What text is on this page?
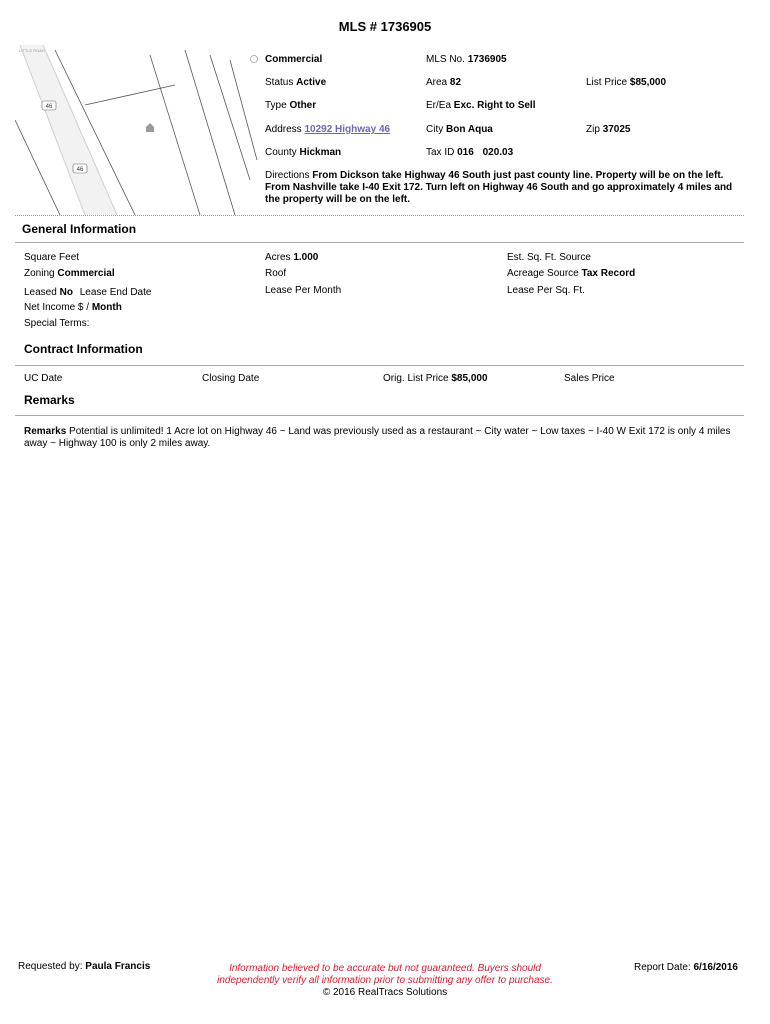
MLS # 1736905
LITTLE ROAD
46
46
Commercial	MLS No. 1736905
Status Active	Area 82	List Price $85,000
Type Other	Er/Ea Exc. Right to Sell
Address 10292 Highway 46	City Bon Aqua	Zip 37025
County Hickman	Tax ID 016 020.03
Directions From Dickson take Highway 46 South just past county line. Property will be on the left. From Nashville take I-40 Exit 172. Turn left on Highway 46 South and go approximately 4 miles and the property will be on the left.
General Information
Square Feet	Acres 1.000	Est. Sq. Ft. Source
Zoning Commercial	Roof	Acreage Source Tax Record
Leased No Lease End Date	Lease Per Month	Lease Per Sq. Ft.
Net Income $ / Month
Special Terms:
Contract Information
UC Date	Closing Date	Orig. List Price $85,000	Sales Price
Remarks
Remarks Potential is unlimited! 1 Acre lot on Highway 46 ~ Land was previously used as a restaurant ~ City water ~ Low taxes ~ I-40 W Exit 172 is only 4 miles away ~ Highway 100 is only 2 miles away.
Requested by: Paula Francis	Information believed to be accurate but not guaranteed. Buyers should
independently verify all information prior to submitting any offer to purchase.
© 2016 RealTracs Solutions
Report Date: 6/16/2016
